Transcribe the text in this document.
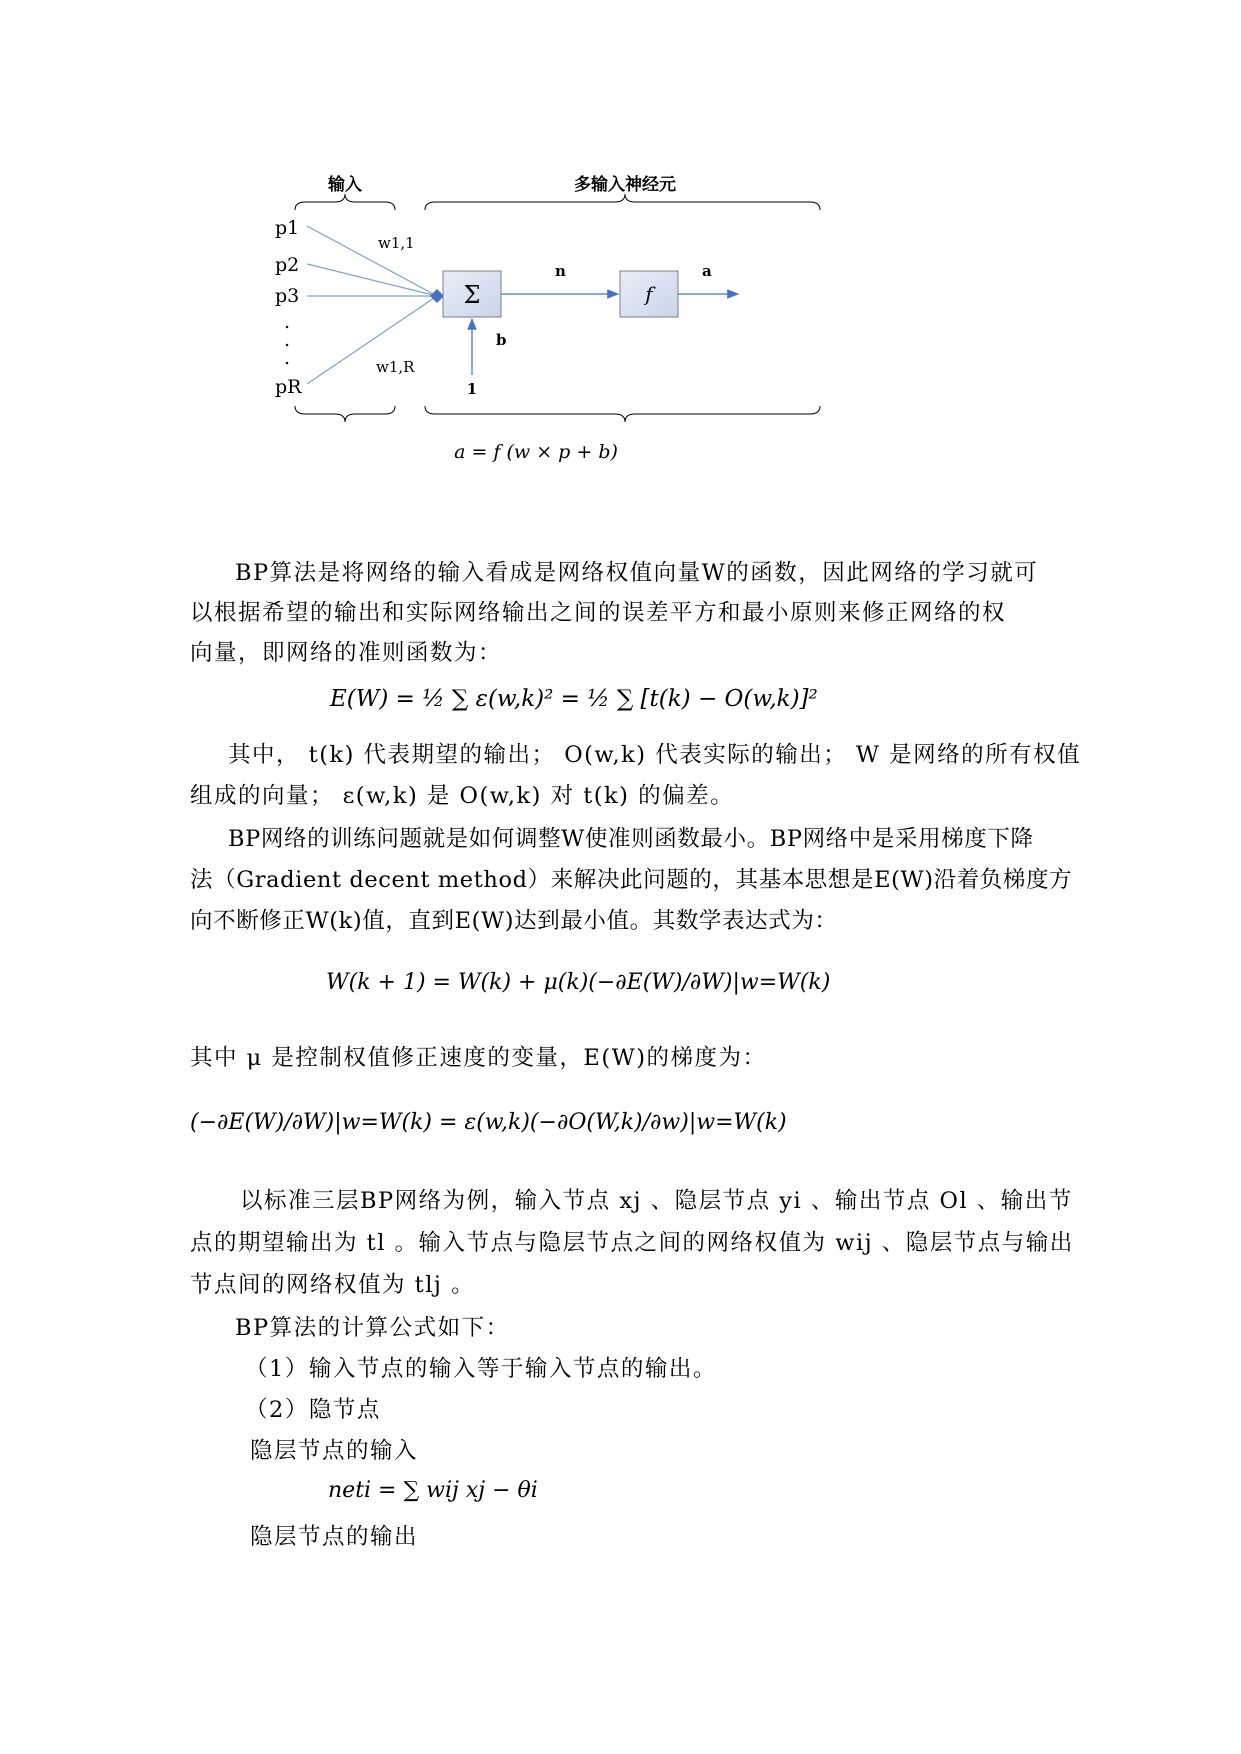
输入	多输入神经元
p1
p2
p3
.
.
.
pR
w1,1
w1,R
Σ
n
f
a
b
1
a = f (w × p + b)
BP算法是将网络的输入看成是网络权值向量W的函数，因此网络的学习就可
以根据希望的输出和实际网络输出之间的误差平方和最小原则来修正网络的权
向量，即网络的准则函数为：
E(W) = ½ ∑ ε(w,k)² = ½ ∑ [t(k) − O(w,k)]²
其中， t(k) 代表期望的输出； O(w,k) 代表实际的输出； W 是网络的所有权值
组成的向量； ε(w,k) 是 O(w,k) 对 t(k) 的偏差。
BP网络的训练问题就是如何调整W使准则函数最小。BP网络中是采用梯度下降
法（Gradient decent method）来解决此问题的，其基本思想是E(W)沿着负梯度方
向不断修正W(k)值，直到E(W)达到最小值。其数学表达式为：
W(k + 1) = W(k) + μ(k)(−∂E(W)/∂W)|w=W(k)
其中 μ 是控制权值修正速度的变量，E(W)的梯度为：
(−∂E(W)/∂W)|w=W(k) = ε(w,k)(−∂O(W,k)/∂w)|w=W(k)
以标准三层BP网络为例，输入节点 xj 、隐层节点 yi 、输出节点 Ol 、输出节
点的期望输出为 tl 。输入节点与隐层节点之间的网络权值为 wij 、隐层节点与输出
节点间的网络权值为 tlj 。
BP算法的计算公式如下：
（1）输入节点的输入等于输入节点的输出。
（2）隐节点
隐层节点的输入
neti = ∑ wij xj − θi
隐层节点的输出
